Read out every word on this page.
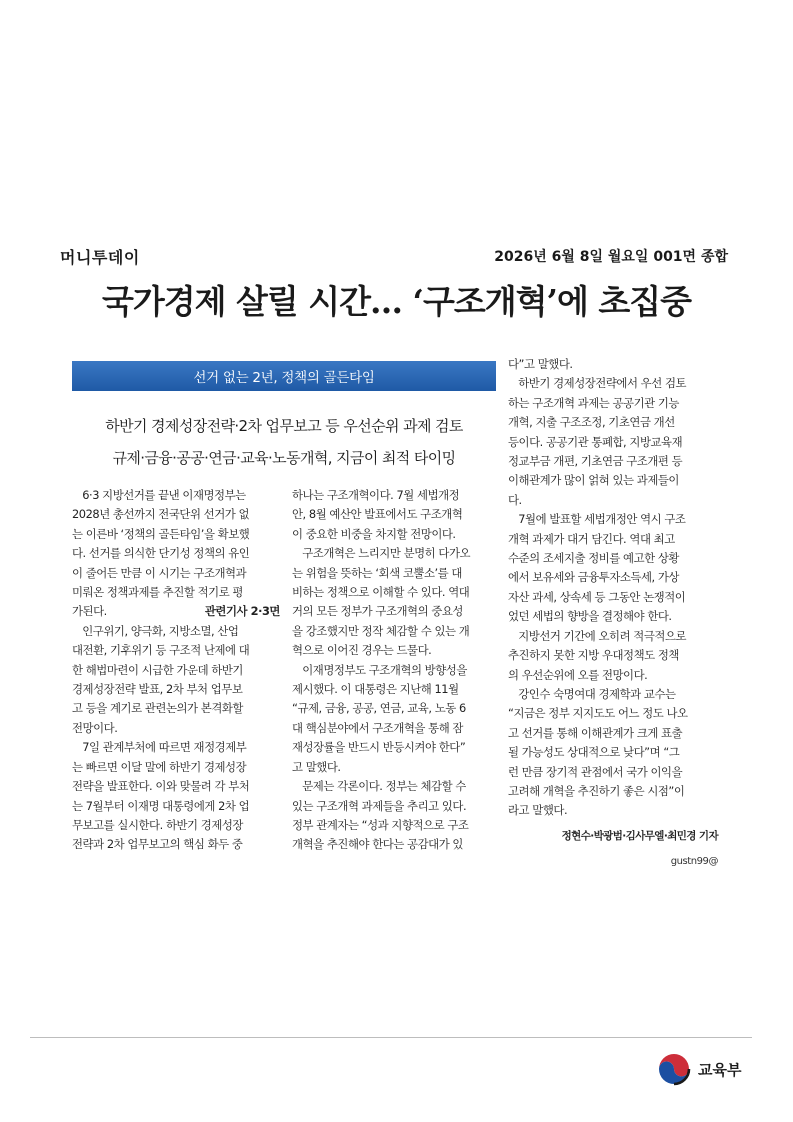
머니투데이	2026년 6월 8일 월요일 001면 종합
국가경제 살릴 시간… ‘구조개혁’에 초집중
선거 없는 2년, 정책의 골든타임
하반기 경제성장전략·2차 업무보고 등 우선순위 과제 검토
규제·금융·공공·연금·교육·노동개혁, 지금이 최적 타이밍

6·3 지방선거를 끝낸 이재명정부는
2028년 총선까지 전국단위 선거가 없
는 이른바 ‘정책의 골든타임’을 확보했
다. 선거를 의식한 단기성 정책의 유인
이 줄어든 만큼 이 시기는 구조개혁과
미뤄온 정책과제를 추진할 적기로 평
가된다.	관련기사 2·3면

인구위기, 양극화, 지방소멸, 산업
대전환, 기후위기 등 구조적 난제에 대
한 해법마련이 시급한 가운데 하반기
경제성장전략 발표, 2차 부처 업무보
고 등을 계기로 관련논의가 본격화할
전망이다.

7일 관계부처에 따르면 재정경제부
는 빠르면 이달 말에 하반기 경제성장
전략을 발표한다. 이와 맞물려 각 부처
는 7월부터 이재명 대통령에게 2차 업
무보고를 실시한다. 하반기 경제성장
전략과 2차 업무보고의 핵심 화두 중

하나는 구조개혁이다. 7월 세법개정
안, 8월 예산안 발표에서도 구조개혁
이 중요한 비중을 차지할 전망이다.

구조개혁은 느리지만 분명히 다가오
는 위험을 뜻하는 ‘회색 코뿔소’를 대
비하는 정책으로 이해할 수 있다. 역대
거의 모든 정부가 구조개혁의 중요성
을 강조했지만 정작 체감할 수 있는 개
혁으로 이어진 경우는 드물다.

이재명정부도 구조개혁의 방향성을
제시했다. 이 대통령은 지난해 11월
“규제, 금융, 공공, 연금, 교육, 노동 6
대 핵심분야에서 구조개혁을 통해 잠
재성장률을 반드시 반등시켜야 한다”
고 말했다.

문제는 각론이다. 정부는 체감할 수
있는 구조개혁 과제들을 추리고 있다.
정부 관계자는 “성과 지향적으로 구조
개혁을 추진해야 한다는 공감대가 있

다”고 말했다.

하반기 경제성장전략에서 우선 검토
하는 구조개혁 과제는 공공기관 기능
개혁, 지출 구조조정, 기초연금 개선
등이다. 공공기관 통폐합, 지방교육재
정교부금 개편, 기초연금 구조개편 등
이해관계가 많이 얽혀 있는 과제들이
다.

7월에 발표할 세법개정안 역시 구조
개혁 과제가 대거 담긴다. 역대 최고
수준의 조세지출 정비를 예고한 상황
에서 보유세와 금융투자소득세, 가상
자산 과세, 상속세 등 그동안 논쟁적이
었던 세법의 향방을 결정해야 한다.

지방선거 기간에 오히려 적극적으로
추진하지 못한 지방 우대정책도 정책
의 우선순위에 오를 전망이다.

강인수 숙명여대 경제학과 교수는
“지금은 정부 지지도도 어느 정도 나오
고 선거를 통해 이해관계가 크게 표출
될 가능성도 상대적으로 낮다”며 “그
런 만큼 장기적 관점에서 국가 이익을
고려해 개혁을 추진하기 좋은 시점”이
라고 말했다.

정현수·박광범·김사무엘·최민경 기자
gustn99@
교육부
